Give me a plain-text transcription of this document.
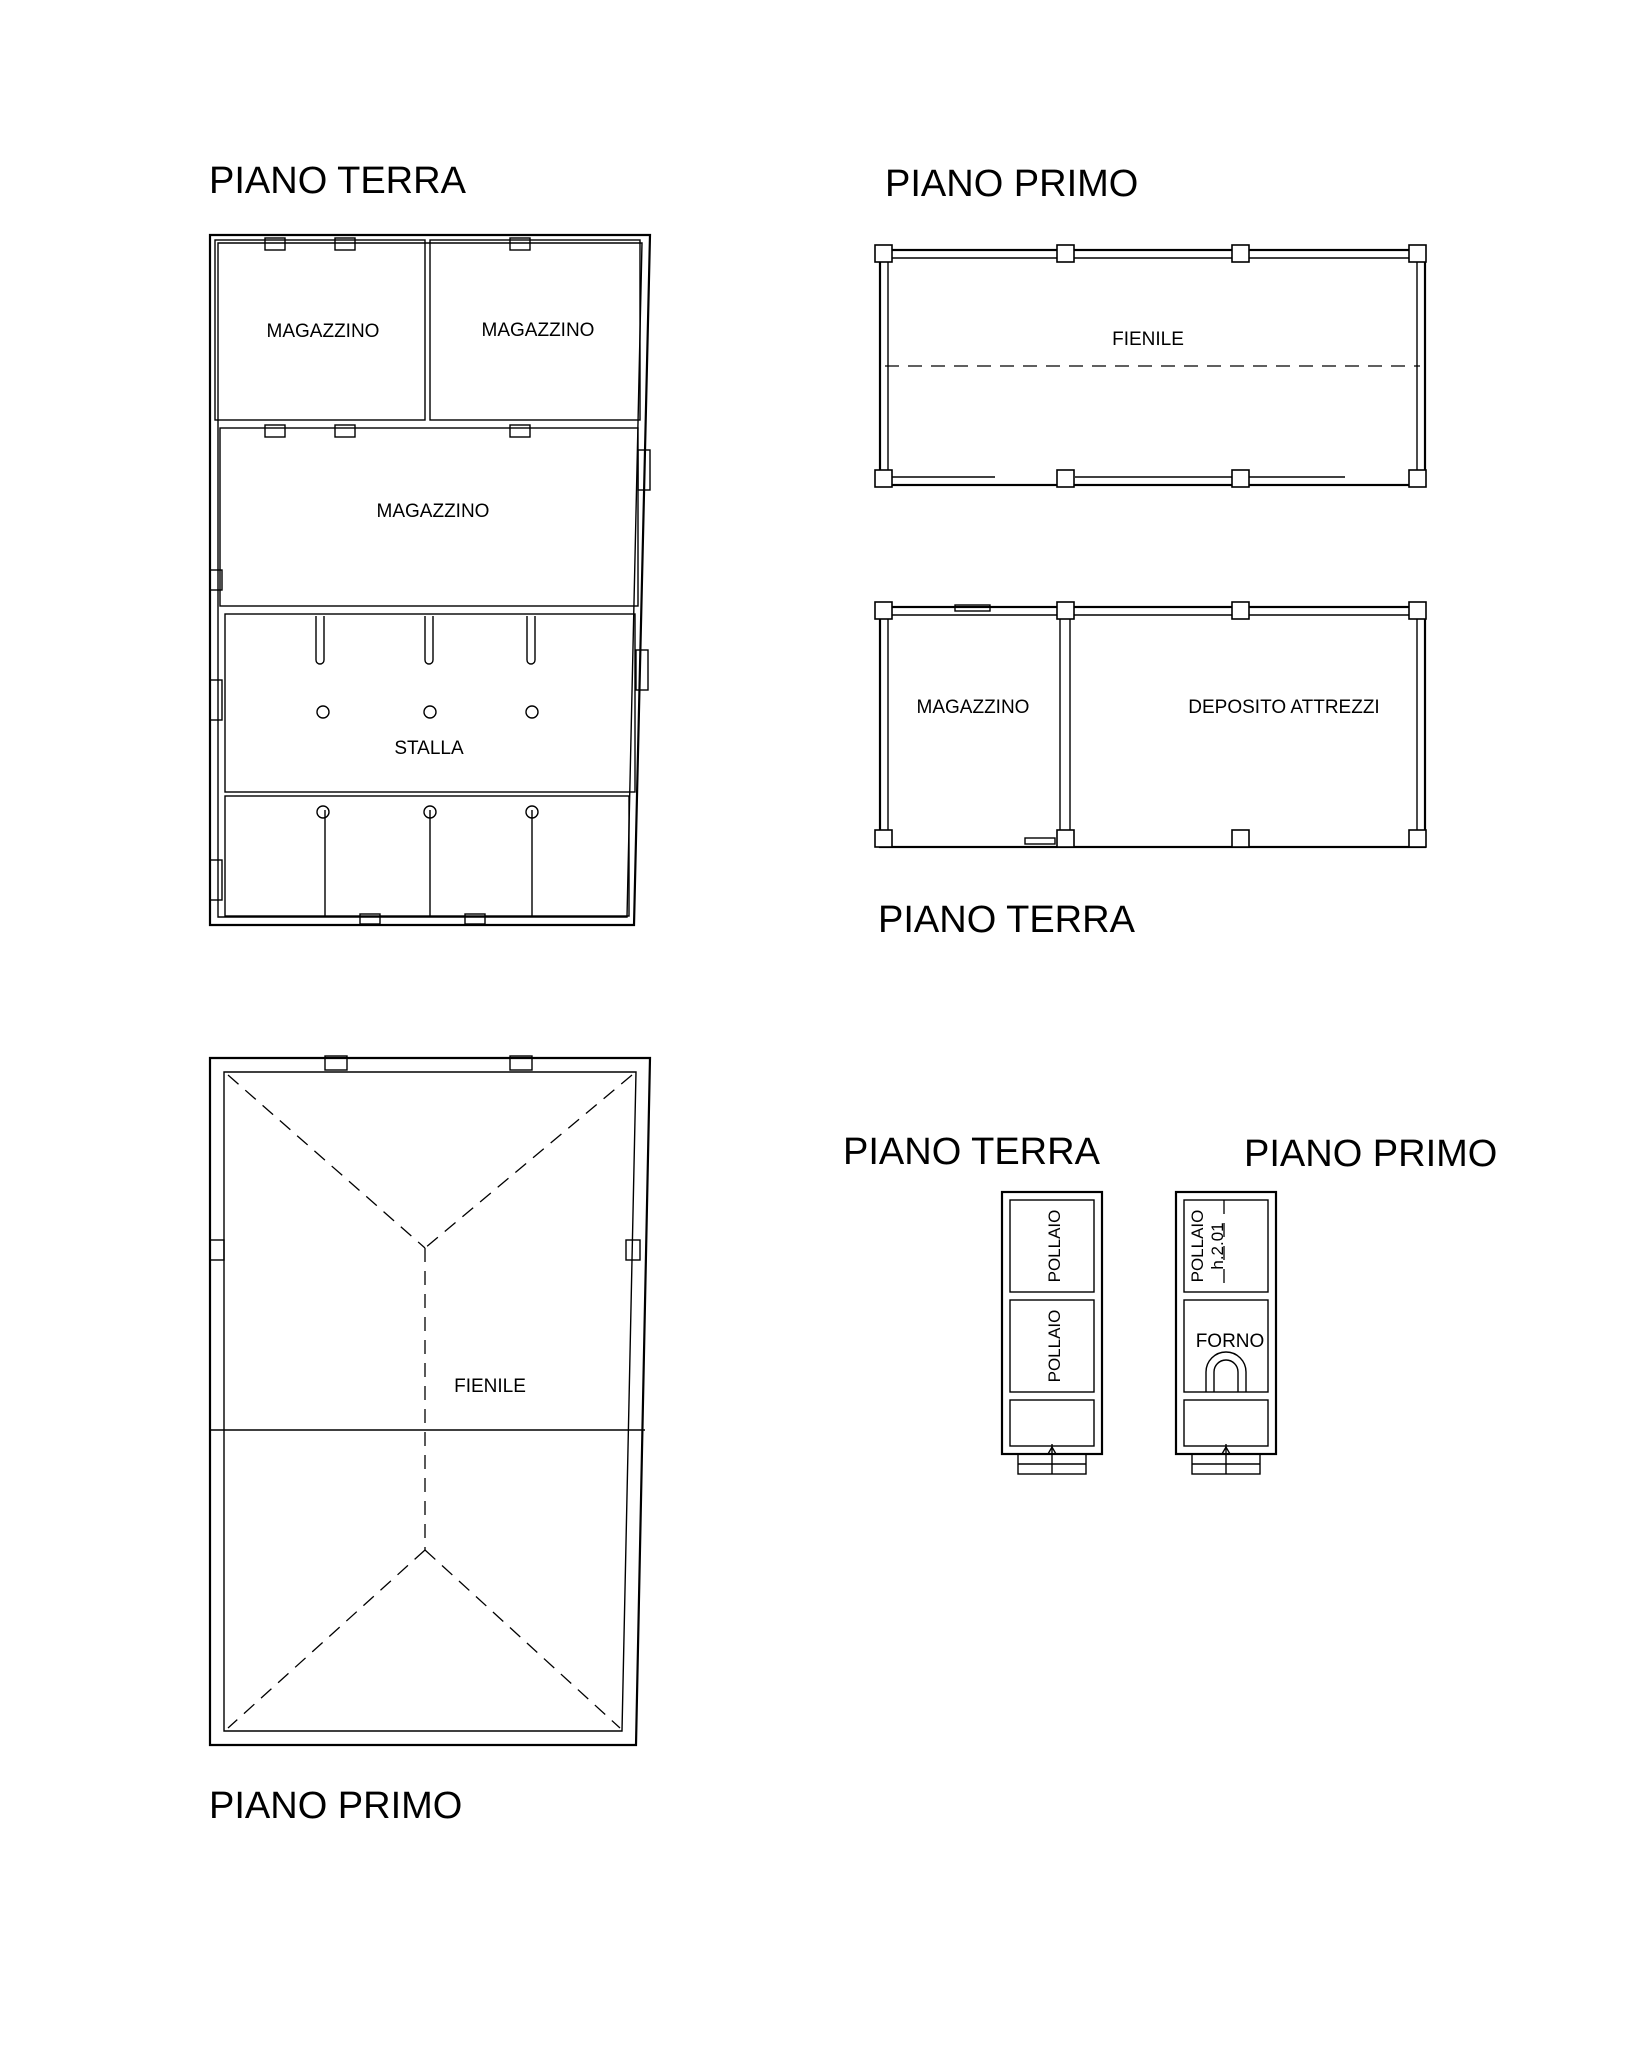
PIANO TERRA	PIANO PRIMO
PIANO TERRA
PIANO PRIMO
PIANO TERRA	PIANO PRIMO
MAGAZZINO	MAGAZZINO
MAGAZZINO
STALLA
FIENILE
MAGAZZINO	DEPOSITO ATTREZZI
FIENILE
POLLAIO
POLLAIO
POLLAIO h.2.01
FORNO
